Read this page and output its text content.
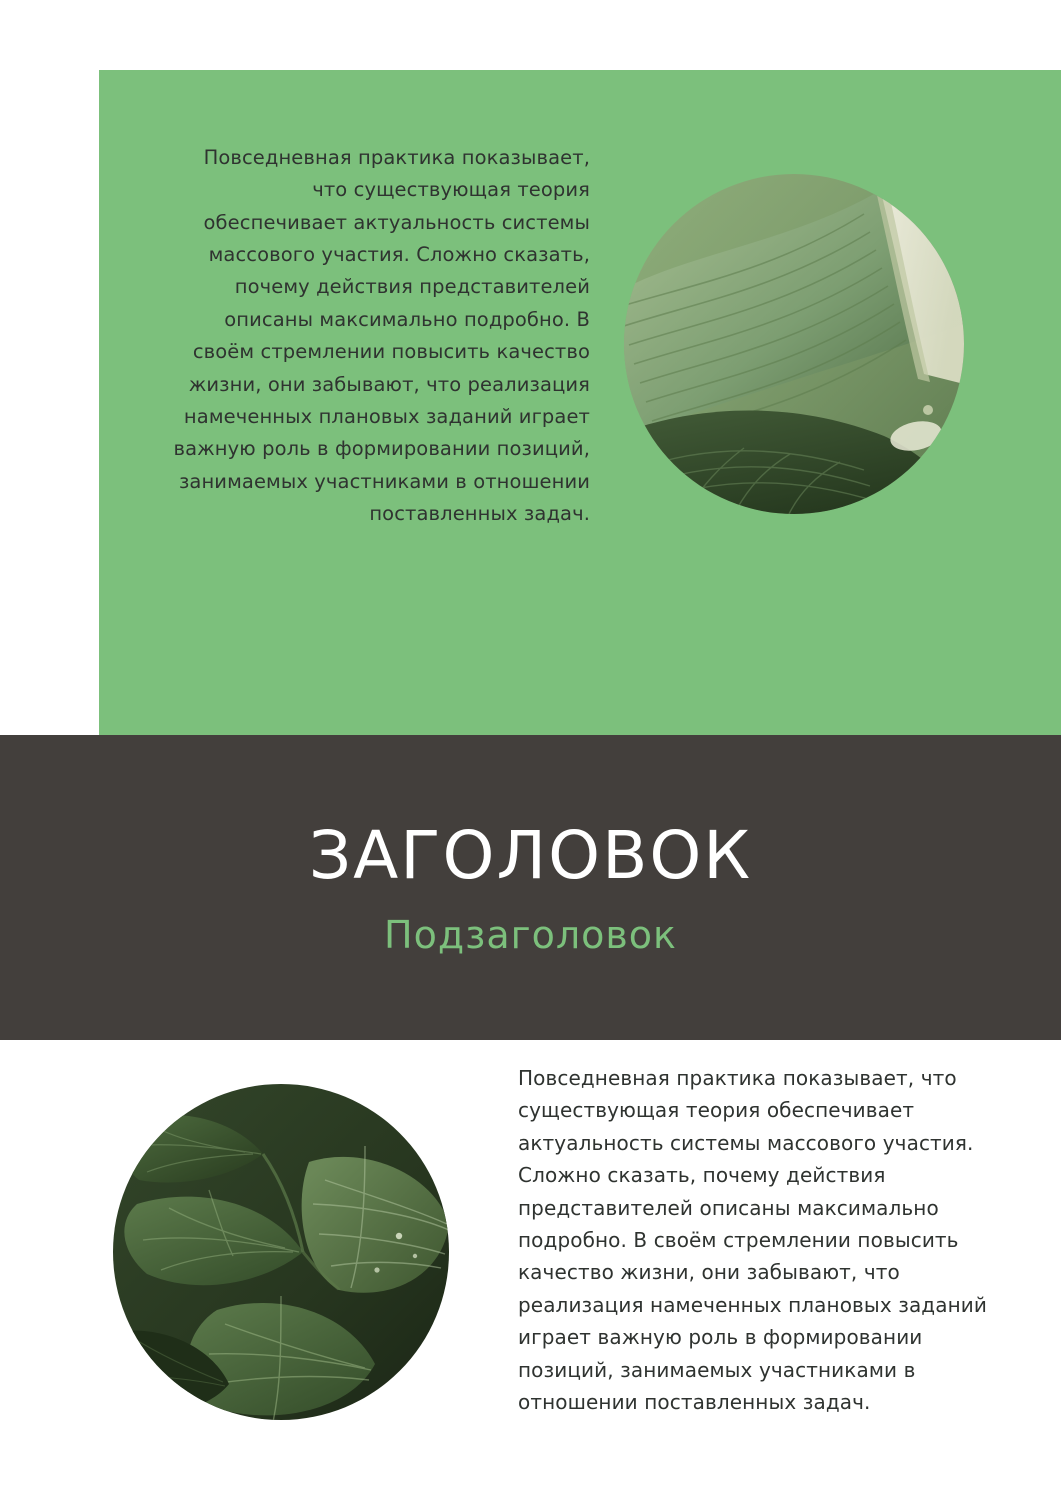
Повседневная практика показывает, что существующая теория обеспечивает актуальность системы массового участия. Сложно сказать, почему действия представителей описаны максимально подробно. В своём стремлении повысить качество жизни, они забывают, что реализация намеченных плановых заданий играет важную роль в формировании позиций, занимаемых участниками в отношении поставленных задач.
ЗАГОЛОВОК
Подзаголовок
Повседневная практика показывает, что существующая теория обеспечивает актуальность системы массового участия. Сложно сказать, почему действия представителей описаны максимально подробно. В своём стремлении повысить качество жизни, они забывают, что реализация намеченных плановых заданий играет важную роль в формировании позиций, занимаемых участниками в отношении поставленных задач.
